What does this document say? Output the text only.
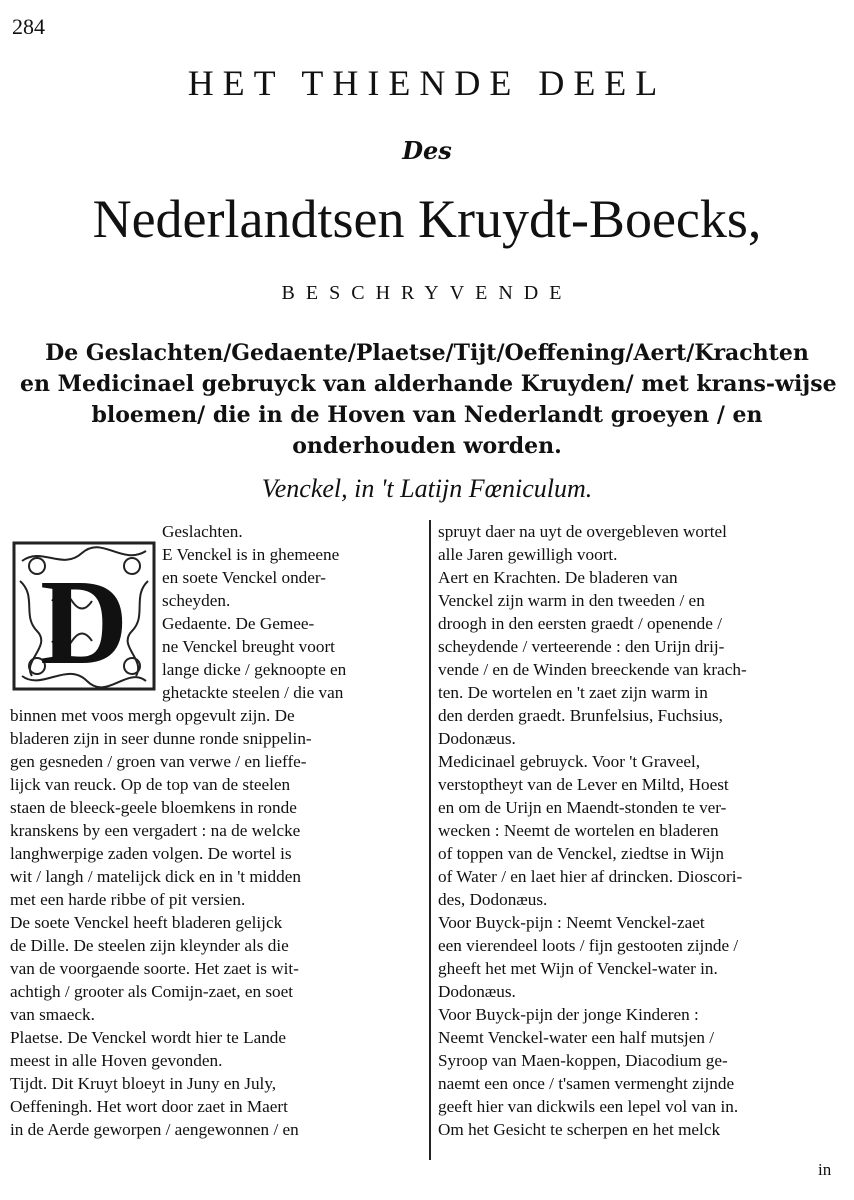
284
HET THIENDE DEEL
Des
Nederlandtsen Kruydt-Boecks,
BESCHRYVENDE
De Geslachten/Gedaente/Plaetse/Tijt/Oeffening/Aert/Krachten
en Medicinael gebruyck van alderhande Kruyden/ met krans-wijse
bloemen/ die in de Hoven van Nederlandt groeyen / en
onderhouden worden.
Venckel, in 't Latijn Fœniculum.
D
Geslachten.
E Venckel is in ghemeene
en soete Venckel onder-
scheyden.
Gedaente. De Gemee-
ne Venckel breught voort
lange dicke / geknoopte en
ghetackte steelen / die van
binnen met voos mergh opgevult zijn. De
bladeren zijn in seer dunne ronde snippelin-
gen gesneden / groen van verwe / en lieffe-
lijck van reuck. Op de top van de steelen
staen de bleeck-geele bloemkens in ronde
kranskens by een vergadert : na de welcke
langhwerpige zaden volgen. De wortel is
wit / langh / matelijck dick en in 't midden
met een harde ribbe of pit versien.
De soete Venckel heeft bladeren gelijck
de Dille. De steelen zijn kleynder als die
van de voorgaende soorte. Het zaet is wit-
achtigh / grooter als Comijn-zaet, en soet
van smaeck.
Plaetse. De Venckel wordt hier te Lande
meest in alle Hoven gevonden.
Tijdt. Dit Kruyt bloeyt in Juny en July,
Oeffeningh. Het wort door zaet in Maert
in de Aerde geworpen / aengewonnen / en
spruyt daer na uyt de overgebleven wortel
alle Jaren gewilligh voort.
Aert en Krachten. De bladeren van
Venckel zijn warm in den tweeden / en
droogh in den eersten graedt / openende /
scheydende / verteerende : den Urijn drij-
vende / en de Winden breeckende van krach-
ten. De wortelen en 't zaet zijn warm in
den derden graedt. Brunfelsius, Fuchsius,
Dodonæus.
Medicinael gebruyck. Voor 't Graveel,
verstoptheyt van de Lever en Miltd, Hoest
en om de Urijn en Maendt-stonden te ver-
wecken : Neemt de wortelen en bladeren
of toppen van de Venckel, ziedtse in Wijn
of Water / en laet hier af drincken. Dioscori-
des, Dodonæus.
Voor Buyck-pijn : Neemt Venckel-zaet
een vierendeel loots / fijn gestooten zijnde /
gheeft het met Wijn of Venckel-water in.
Dodonæus.
Voor Buyck-pijn der jonge Kinderen :
Neemt Venckel-water een half mutsjen /
Syroop van Maen-koppen, Diacodium ge-
naemt een once / t'samen vermenght zijnde
geeft hier van dickwils een lepel vol van in.
Om het Gesicht te scherpen en het melck
in
